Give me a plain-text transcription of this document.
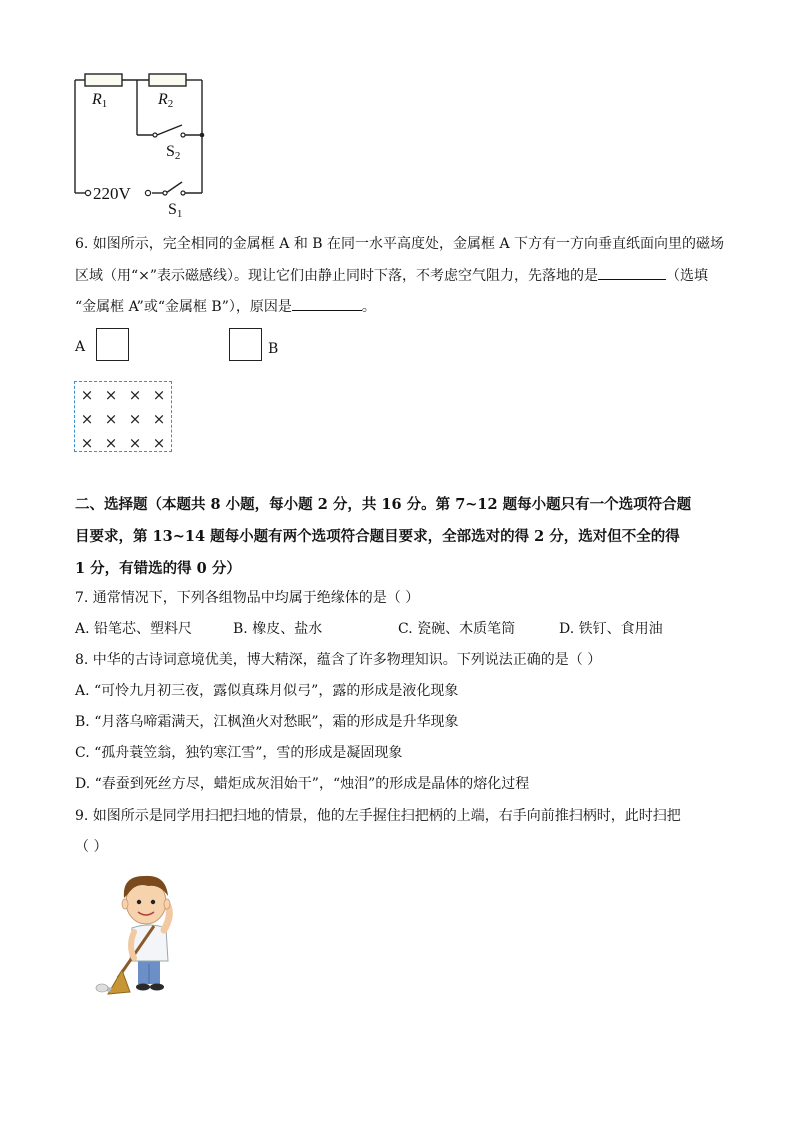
R1	R2
S2
220V
S1
6. 如图所示，完全相同的金属框 A 和 B 在同一水平高度处，金属框 A 下方有一方向垂直纸面向里的磁场
区域（用“×”表示磁感线）。现让它们由静止同时下落，不考虑空气阻力，先落地的是	（选填
“金属框 A”或“金属框 B”），原因是	。
A	B
× × × ×
× × × ×
× × × ×
二、选择题（本题共 8 小题，每小题 2 分，共 16 分。第 7~12 题每小题只有一个选项符合题
目要求，第 13~14 题每小题有两个选项符合题目要求，全部选对的得 2 分，选对但不全的得
1 分，有错选的得 0 分）
7. 通常情况下，下列各组物品中均属于绝缘体的是（ ）
A. 铅笔芯、塑料尺	B. 橡皮、盐水	C. 瓷碗、木质笔筒	D. 铁钉、食用油
8. 中华的古诗词意境优美，博大精深，蕴含了许多物理知识。下列说法正确的是（ ）
A. “可怜九月初三夜，露似真珠月似弓”，露的形成是液化现象
B. “月落乌啼霜满天，江枫渔火对愁眠”，霜的形成是升华现象
C. “孤舟蓑笠翁，独钓寒江雪”，雪的形成是凝固现象
D. “春蚕到死丝方尽，蜡炬成灰泪始干”，“烛泪”的形成是晶体的熔化过程
9. 如图所示是同学用扫把扫地的情景，他的左手握住扫把柄的上端，右手向前推扫柄时，此时扫把
（ ）
